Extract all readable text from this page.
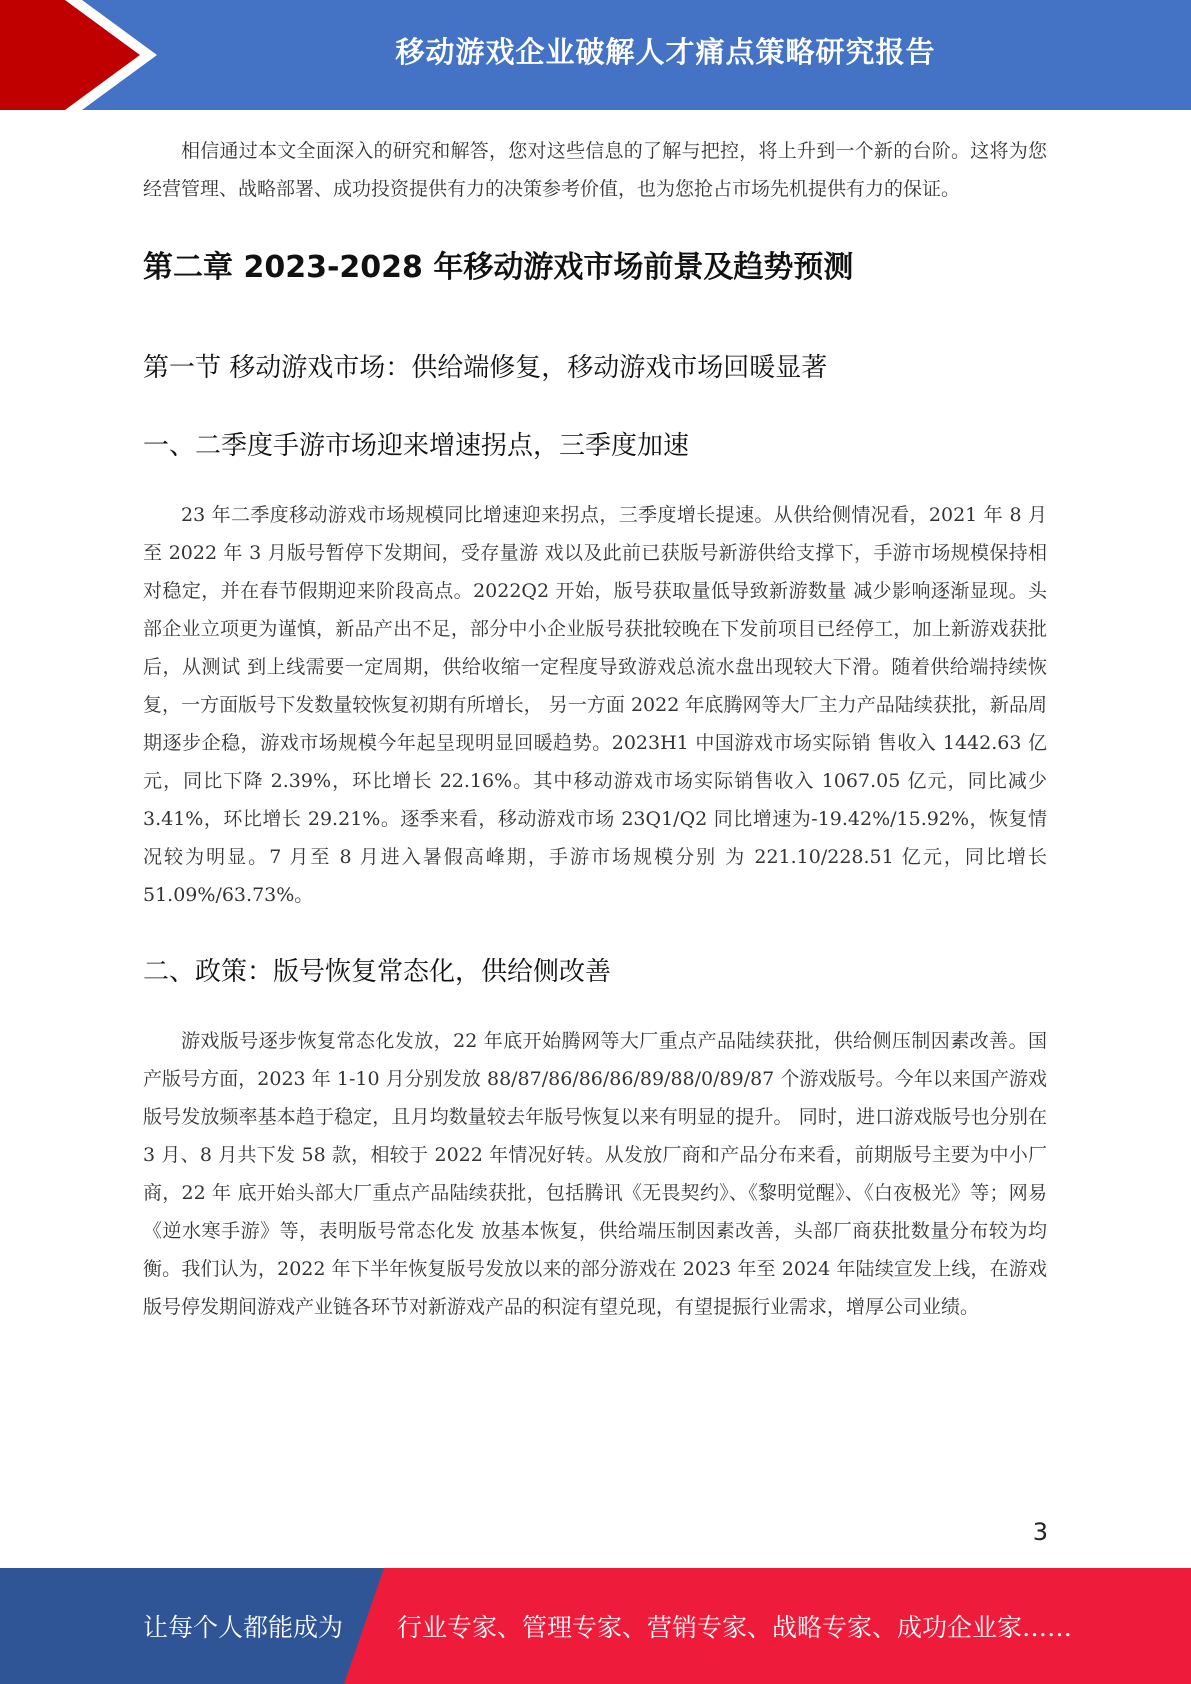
移动游戏企业破解人才痛点策略研究报告

相信通过本文全面深入的研究和解答，您对这些信息的了解与把控，将上升到一个新的台阶。这将为您经营管理、战略部署、成功投资提供有力的决策参考价值，也为您抢占市场先机提供有力的保证。

第二章 2023-2028 年移动游戏市场前景及趋势预测
第一节 移动游戏市场：供给端修复，移动游戏市场回暖显著
一、二季度手游市场迎来增速拐点，三季度加速

23 年二季度移动游戏市场规模同比增速迎来拐点，三季度增长提速。从供给侧情况看，2021 年 8 月至 2022 年 3 月版号暂停下发期间，受存量游 戏以及此前已获版号新游供给支撑下，手游市场规模保持相对稳定，并在春节假期迎来阶段高点。2022Q2 开始，版号获取量低导致新游数量 减少影响逐渐显现。头部企业立项更为谨慎，新品产出不足，部分中小企业版号获批较晚在下发前项目已经停工，加上新游戏获批后，从测试 到上线需要一定周期，供给收缩一定程度导致游戏总流水盘出现较大下滑。随着供给端持续恢复，一方面版号下发数量较恢复初期有所增长， 另一方面 2022 年底腾网等大厂主力产品陆续获批，新品周期逐步企稳，游戏市场规模今年起呈现明显回暖趋势。2023H1 中国游戏市场实际销 售收入 1442.63 亿元，同比下降 2.39%，环比增长 22.16%。其中移动游戏市场实际销售收入 1067.05 亿元，同比减少 3.41%，环比增长 29.21%。逐季来看，移动游戏市场 23Q1/Q2 同比增速为-19.42%/15.92%，恢复情况较为明显。7 月至 8 月进入暑假高峰期，手游市场规模分别 为 221.10/228.51 亿元，同比增长 51.09%/63.73%。

二、政策：版号恢复常态化，供给侧改善

游戏版号逐步恢复常态化发放，22 年底开始腾网等大厂重点产品陆续获批，供给侧压制因素改善。国产版号方面，2023 年 1-10 月分别发放 88/87/86/86/86/89/88/0/89/87 个游戏版号。今年以来国产游戏版号发放频率基本趋于稳定，且月均数量较去年版号恢复以来有明显的提升。 同时，进口游戏版号也分别在 3 月、8 月共下发 58 款，相较于 2022 年情况好转。从发放厂商和产品分布来看，前期版号主要为中小厂商，22 年 底开始头部大厂重点产品陆续获批，包括腾讯《无畏契约》、《黎明觉醒》、《白夜极光》等；网易《逆水寒手游》等，表明版号常态化发 放基本恢复，供给端压制因素改善，头部厂商获批数量分布较为均衡。我们认为，2022 年下半年恢复版号发放以来的部分游戏在 2023 年至 2024 年陆续宣发上线，在游戏版号停发期间游戏产业链各环节对新游戏产品的积淀有望兑现，有望提振行业需求，增厚公司业绩。

3
让每个人都能成为 行业专家、管理专家、营销专家、战略专家、成功企业家……
